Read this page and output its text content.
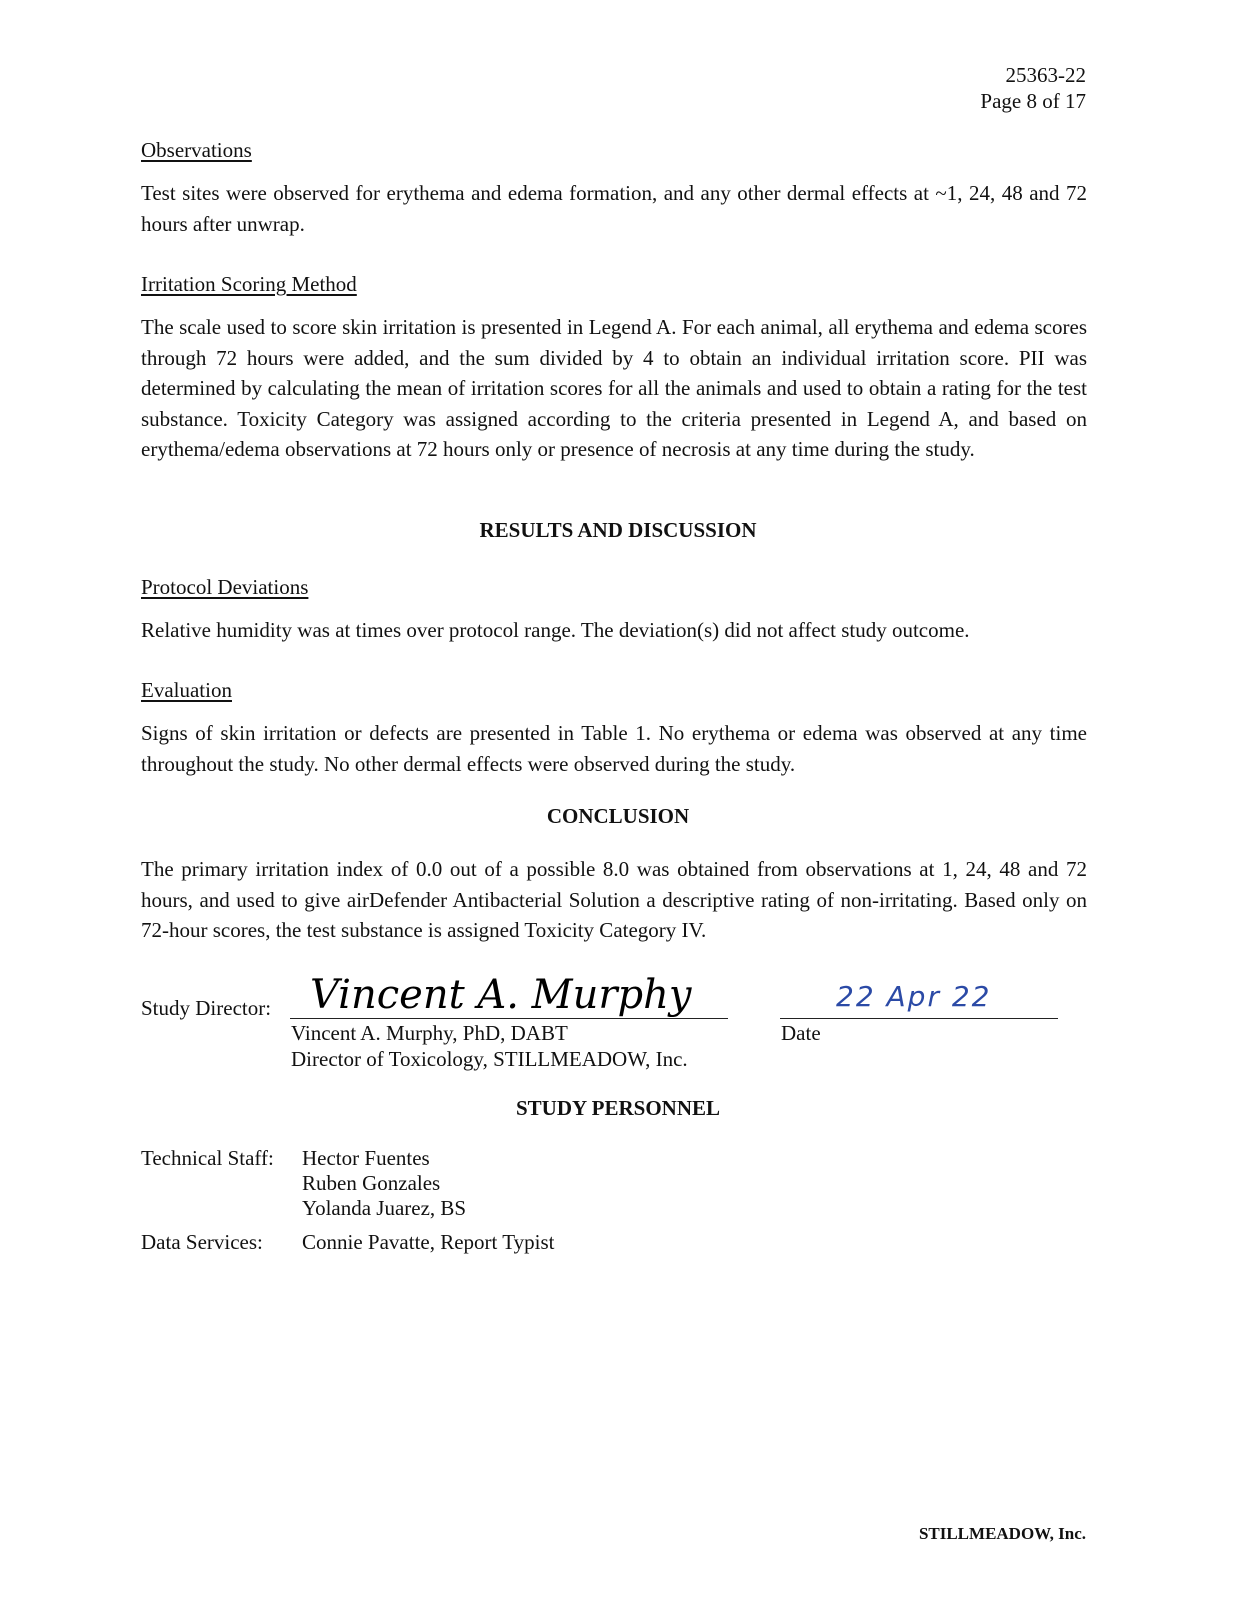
25363-22
Page 8 of 17
Observations

Test sites were observed for erythema and edema formation, and any other dermal effects at ~1, 24, 48 and 72 hours after unwrap.

Irritation Scoring Method

The scale used to score skin irritation is presented in Legend A. For each animal, all erythema and edema scores through 72 hours were added, and the sum divided by 4 to obtain an individual irritation score. PII was determined by calculating the mean of irritation scores for all the animals and used to obtain a rating for the test substance. Toxicity Category was assigned according to the criteria presented in Legend A, and based on erythema/edema observations at 72 hours only or presence of necrosis at any time during the study.

RESULTS AND DISCUSSION
Protocol Deviations

Relative humidity was at times over protocol range. The deviation(s) did not affect study outcome.

Evaluation

Signs of skin irritation or defects are presented in Table 1. No erythema or edema was observed at any time throughout the study. No other dermal effects were observed during the study.

CONCLUSION

The primary irritation index of 0.0 out of a possible 8.0 was obtained from observations at 1, 24, 48 and 72 hours, and used to give airDefender Antibacterial Solution a descriptive rating of non-irritating. Based only on 72-hour scores, the test substance is assigned Toxicity Category IV.

Study Director: Vincent A. Murphy
Vincent A. Murphy, PhD, DABT
Director of Toxicology, STILLMEADOW, Inc.
22 Apr 22
Date
STUDY PERSONNEL
Technical Staff: Hector Fuentes
Ruben Gonzales
Yolanda Juarez, BS
Data Services: Connie Pavatte, Report Typist
STILLMEADOW, Inc.
